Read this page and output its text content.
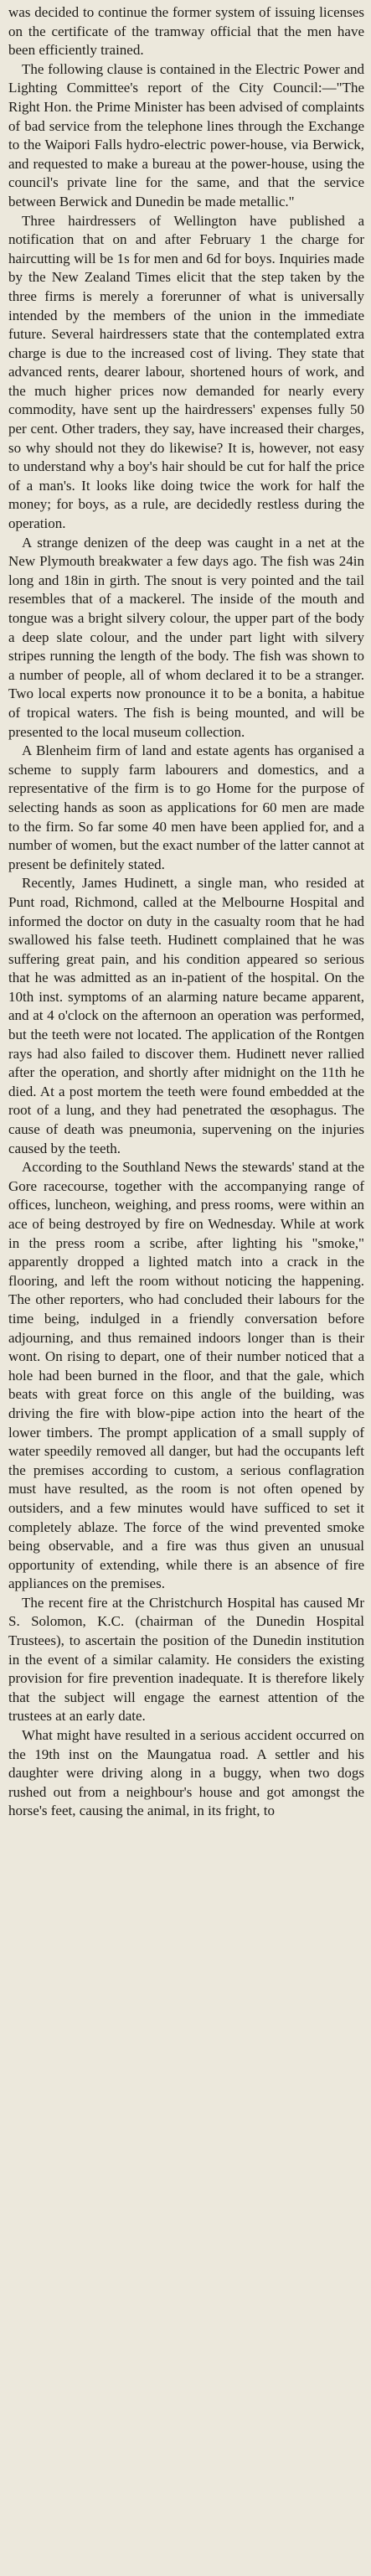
was decided to continue the former system of issuing licenses on the certificate of the tramway official that the men have been efficiently trained.

The following clause is contained in the Electric Power and Lighting Committee's report of the City Council:—"The Right Hon. the Prime Minister has been advised of complaints of bad service from the telephone lines through the Exchange to the Waipori Falls hydro-electric power-house, via Berwick, and requested to make a bureau at the power-house, using the council's private line for the same, and that the service between Berwick and Dunedin be made metallic."

Three hairdressers of Wellington have published a notification that on and after February 1 the charge for haircutting will be 1s for men and 6d for boys. Inquiries made by the New Zealand Times elicit that the step taken by the three firms is merely a forerunner of what is universally intended by the members of the union in the immediate future. Several hairdressers state that the contemplated extra charge is due to the increased cost of living. They state that advanced rents, dearer labour, shortened hours of work, and the much higher prices now demanded for nearly every commodity, have sent up the hairdressers' expenses fully 50 per cent. Other traders, they say, have increased their charges, so why should not they do likewise? It is, however, not easy to understand why a boy's hair should be cut for half the price of a man's. It looks like doing twice the work for half the money; for boys, as a rule, are decidedly restless during the operation.

A strange denizen of the deep was caught in a net at the New Plymouth breakwater a few days ago. The fish was 24in long and 18in in girth. The snout is very pointed and the tail resembles that of a mackerel. The inside of the mouth and tongue was a bright silvery colour, the upper part of the body a deep slate colour, and the under part light with silvery stripes running the length of the body. The fish was shown to a number of people, all of whom declared it to be a stranger. Two local experts now pronounce it to be a bonita, a habitue of tropical waters. The fish is being mounted, and will be presented to the local museum collection.

A Blenheim firm of land and estate agents has organised a scheme to supply farm labourers and domestics, and a representative of the firm is to go Home for the purpose of selecting hands as soon as applications for 60 men are made to the firm. So far some 40 men have been applied for, and a number of women, but the exact number of the latter cannot at present be definitely stated.

Recently, James Hudinett, a single man, who resided at Punt road, Richmond, called at the Melbourne Hospital and informed the doctor on duty in the casualty room that he had swallowed his false teeth. Hudinett complained that he was suffering great pain, and his condition appeared so serious that he was admitted as an in-patient of the hospital. On the 10th inst. symptoms of an alarming nature became apparent, and at 4 o'clock on the afternoon an operation was performed, but the teeth were not located. The application of the Rontgen rays had also failed to discover them. Hudinett never rallied after the operation, and shortly after midnight on the 11th he died. At a post mortem the teeth were found embedded at the root of a lung, and they had penetrated the œsophagus. The cause of death was pneumonia, supervening on the injuries caused by the teeth.

According to the Southland News the stewards' stand at the Gore racecourse, together with the accompanying range of offices, luncheon, weighing, and press rooms, were within an ace of being destroyed by fire on Wednesday. While at work in the press room a scribe, after lighting his "smoke," apparently dropped a lighted match into a crack in the flooring, and left the room without noticing the happening. The other reporters, who had concluded their labours for the time being, indulged in a friendly conversation before adjourning, and thus remained indoors longer than is their wont. On rising to depart, one of their number noticed that a hole had been burned in the floor, and that the gale, which beats with great force on this angle of the building, was driving the fire with blow-pipe action into the heart of the lower timbers. The prompt application of a small supply of water speedily removed all danger, but had the occupants left the premises according to custom, a serious conflagration must have resulted, as the room is not often opened by outsiders, and a few minutes would have sufficed to set it completely ablaze. The force of the wind prevented smoke being observable, and a fire was thus given an unusual opportunity of extending, while there is an absence of fire appliances on the premises.

The recent fire at the Christchurch Hospital has caused Mr S. Solomon, K.C. (chairman of the Dunedin Hospital Trustees), to ascertain the position of the Dunedin institution in the event of a similar calamity. He considers the existing provision for fire prevention inadequate. It is therefore likely that the subject will engage the earnest attention of the trustees at an early date.

What might have resulted in a serious accident occurred on the 19th inst on the Maungatua road. A settler and his daughter were driving along in a buggy, when two dogs rushed out from a neighbour's house and got amongst the horse's feet, causing the animal, in its fright, to
